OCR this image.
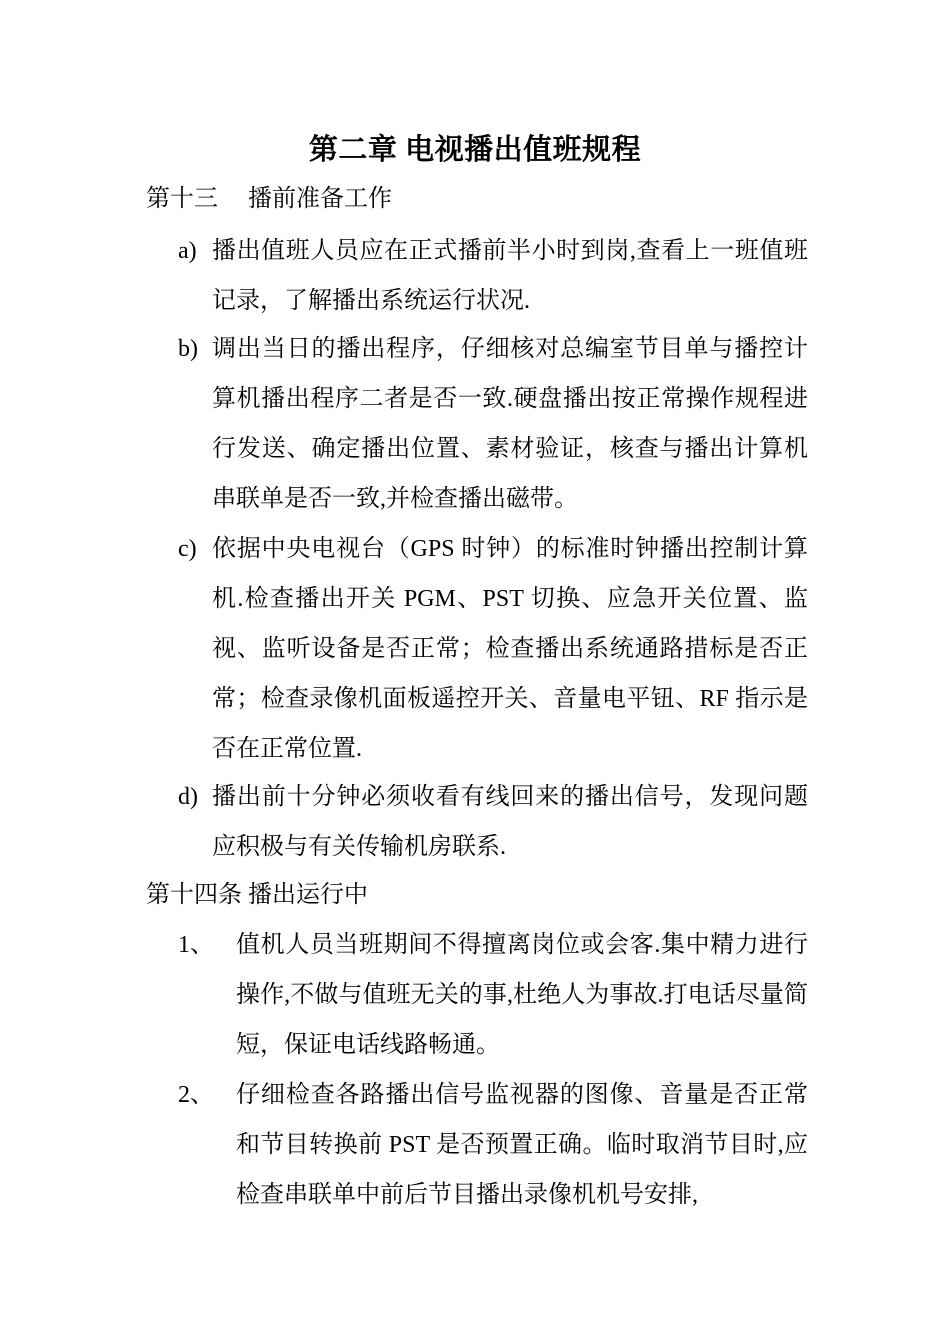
第二章 电视播出值班规程
第十三　 播前准备工作
a) 播出值班人员应在正式播前半小时到岗,查看上一班值班记录，了解播出系统运行状况.
b) 调出当日的播出程序，仔细核对总编室节目单与播控计算机播出程序二者是否一致.硬盘播出按正常操作规程进行发送、确定播出位置、素材验证，核查与播出计算机串联单是否一致,并检查播出磁带。
c) 依据中央电视台（GPS 时钟）的标准时钟播出控制计算机.检查播出开关 PGM、PST 切换、应急开关位置、监视、监听设备是否正常；检查播出系统通路措标是否正常；检查录像机面板遥控开关、音量电平钮、RF 指示是否在正常位置.
d) 播出前十分钟必须收看有线回来的播出信号，发现问题应积极与有关传输机房联系.
第十四条 播出运行中
1、 值机人员当班期间不得擅离岗位或会客.集中精力进行操作,不做与值班无关的事,杜绝人为事故.打电话尽量简短，保证电话线路畅通。
2、 仔细检查各路播出信号监视器的图像、音量是否正常和节目转换前 PST 是否预置正确。临时取消节目时,应检查串联单中前后节目播出录像机机号安排,
